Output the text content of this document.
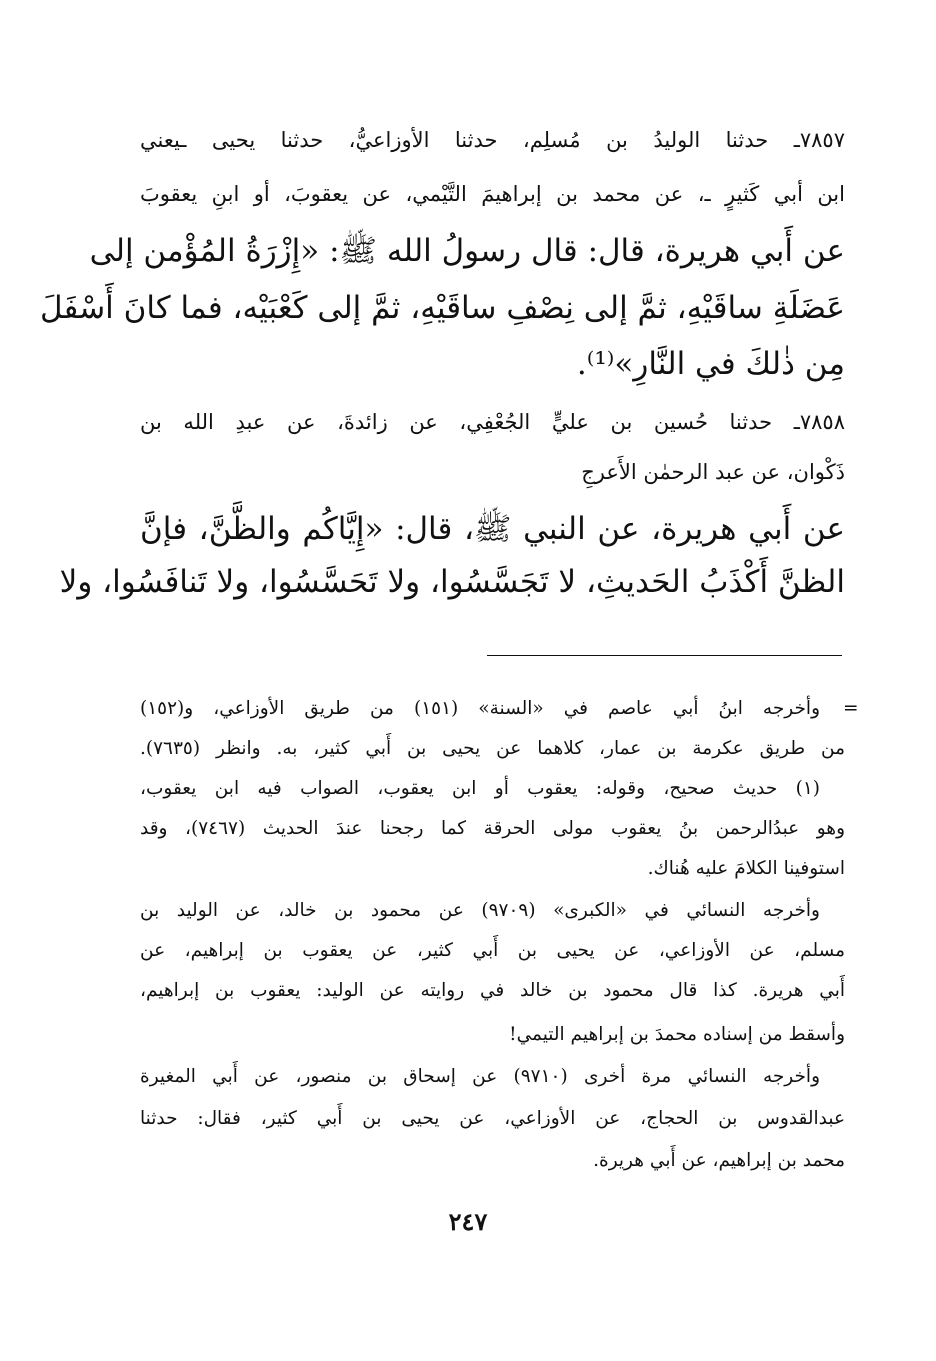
٧٨٥٧ـ حدثنا الوليدُ بن مُسلِم، حدثنا الأوزاعيُّ، حدثنا يحيى ـيعني
ابن أبي كَثيرٍ ـ، عن محمد بن إبراهيمَ التَّيْمي، عن يعقوبَ، أو ابنِ يعقوبَ
عن أَبي هريرة، قال: قال رسولُ الله ﷺ: «إِزْرَةُ المُؤْمن إلى
عَضَلَةِ ساقَيْهِ، ثمَّ إلى نِصْفِ ساقَيْهِ، ثمَّ إلى كَعْبَيْه، فما كانَ أَسْفَلَ
مِن ذٰلكَ في النَّارِ»⁽¹⁾.
٧٨٥٨ـ حدثنا حُسين بن عليٍّ الجُعْفِي، عن زائدةَ، عن عبدِ الله بن
ذَكْوان، عن عبد الرحمٰن الأَعرجِ
عن أَبي هريرة، عن النبي ﷺ، قال: «إِيَّاكُم والظَّنَّ، فإنَّ
الظنَّ أَكْذَبُ الحَديثِ، لا تَجَسَّسُوا، ولا تَحَسَّسُوا، ولا تَنافَسُوا، ولا
=
وأخرجه ابنُ أبي عاصم في «السنة» (١٥١) من طريق الأوزاعي، و(١٥٢)
من طريق عكرمة بن عمار، كلاهما عن يحيى بن أَبي كثير، به. وانظر (٧٦٣٥).
(١) حديث صحيح، وقوله: يعقوب أو ابن يعقوب، الصواب فيه ابن يعقوب،
وهو عبدُالرحمن بنُ يعقوب مولى الحرقة كما رجحنا عندَ الحديث (٧٤٦٧)، وقد
استوفينا الكلامَ عليه هُناك.
وأخرجه النسائي في «الكبرى» (٩٧٠٩) عن محمود بن خالد، عن الوليد بن
مسلم، عن الأوزاعي، عن يحيى بن أَبي كثير، عن يعقوب بن إبراهيم، عن
أَبي هريرة. كذا قال محمود بن خالد في روايته عن الوليد: يعقوب بن إبراهيم،
وأسقط من إسناده محمدَ بن إبراهيم التيمي!
وأخرجه النسائي مرة أخرى (٩٧١٠) عن إسحاق بن منصور، عن أَبي المغيرة
عبدالقدوس بن الحجاج، عن الأوزاعي، عن يحيى بن أَبي كثير، فقال: حدثنا
محمد بن إبراهيم، عن أَبي هريرة.
٢٤٧
